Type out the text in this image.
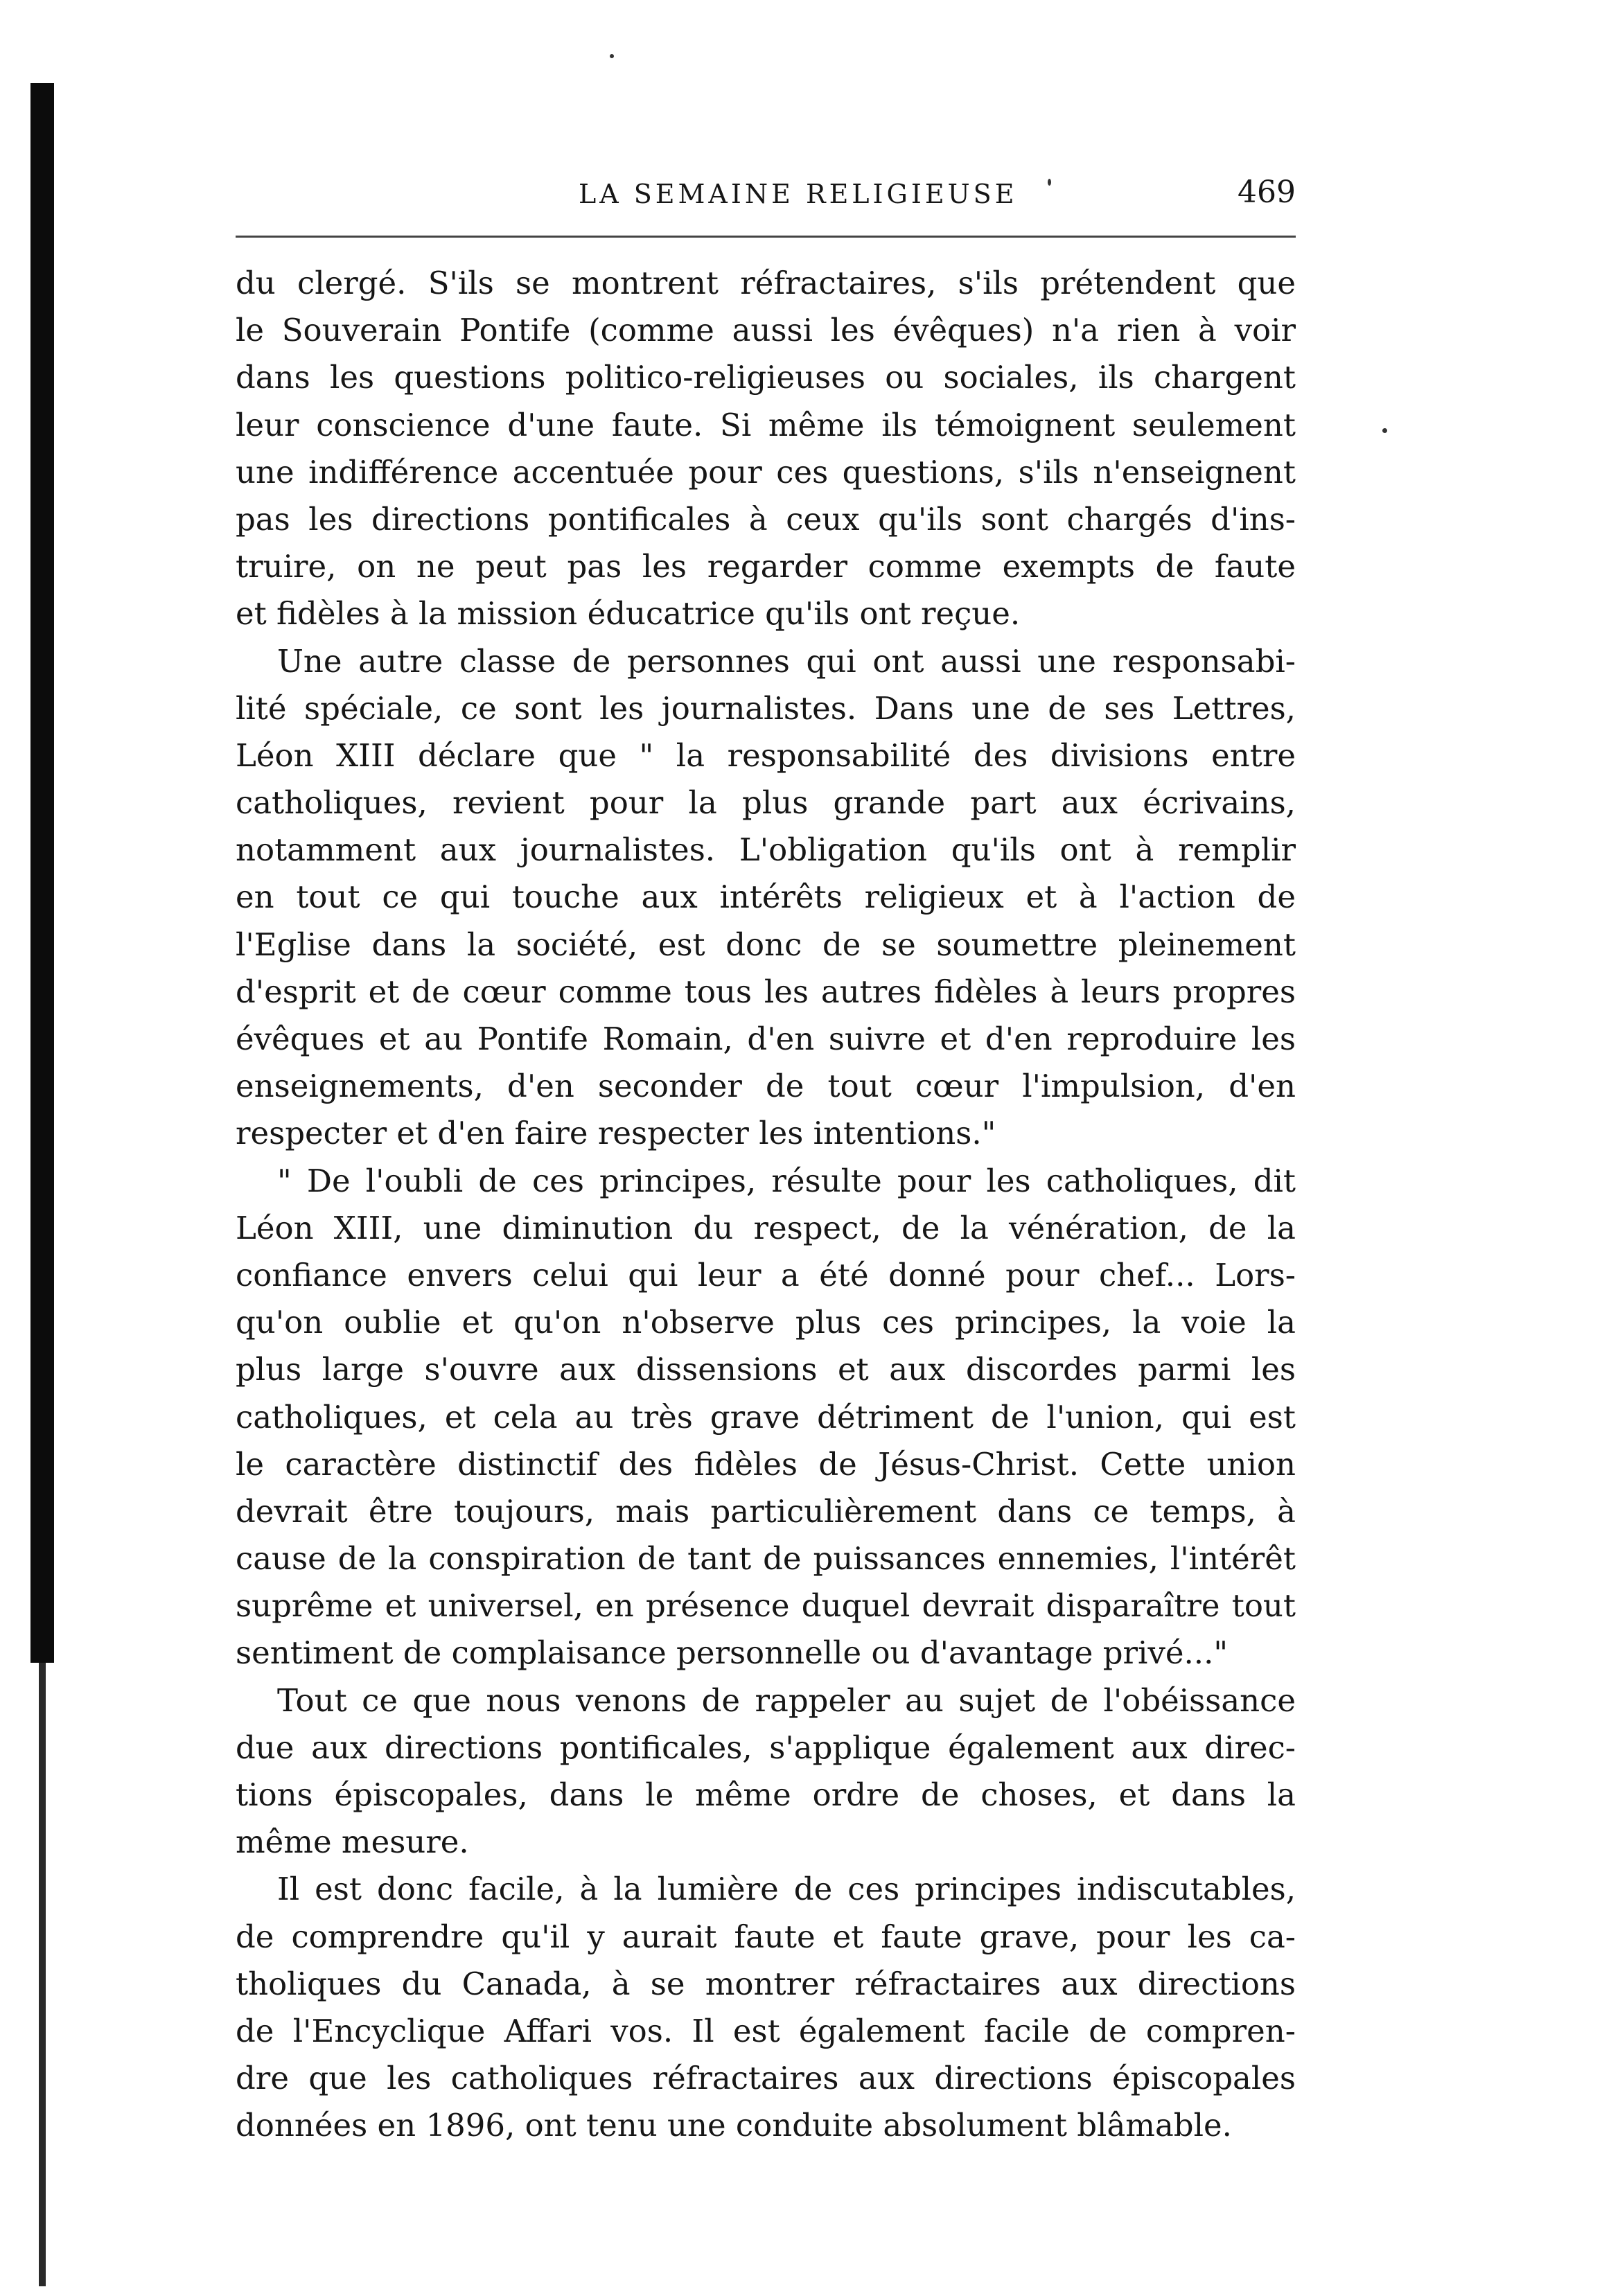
LA SEMAINE RELIGIEUSE	469
du clergé. S'ils se montrent réfractaires, s'ils prétendent que
le Souverain Pontife (comme aussi les évêques) n'a rien à voir
dans les questions politico-religieuses ou sociales, ils chargent
leur conscience d'une faute. Si même ils témoignent seulement
une indifférence accentuée pour ces questions, s'ils n'enseignent
pas les directions pontificales à ceux qu'ils sont chargés d'ins-
truire, on ne peut pas les regarder comme exempts de faute
et fidèles à la mission éducatrice qu'ils ont reçue.
Une autre classe de personnes qui ont aussi une responsabi-
lité spéciale, ce sont les journalistes. Dans une de ses Lettres,
Léon XIII déclare que " la responsabilité des divisions entre
catholiques, revient pour la plus grande part aux écrivains,
notamment aux journalistes. L'obligation qu'ils ont à remplir
en tout ce qui touche aux intérêts religieux et à l'action de
l'Eglise dans la société, est donc de se soumettre pleinement
d'esprit et de cœur comme tous les autres fidèles à leurs propres
évêques et au Pontife Romain, d'en suivre et d'en reproduire les
enseignements, d'en seconder de tout cœur l'impulsion, d'en
respecter et d'en faire respecter les intentions."
" De l'oubli de ces principes, résulte pour les catholiques, dit
Léon XIII, une diminution du respect, de la vénération, de la
confiance envers celui qui leur a été donné pour chef... Lors-
qu'on oublie et qu'on n'observe plus ces principes, la voie la
plus large s'ouvre aux dissensions et aux discordes parmi les
catholiques, et cela au très grave détriment de l'union, qui est
le caractère distinctif des fidèles de Jésus-Christ. Cette union
devrait être toujours, mais particulièrement dans ce temps, à
cause de la conspiration de tant de puissances ennemies, l'intérêt
suprême et universel, en présence duquel devrait disparaître tout
sentiment de complaisance personnelle ou d'avantage privé..."
Tout ce que nous venons de rappeler au sujet de l'obéissance
due aux directions pontificales, s'applique également aux direc-
tions épiscopales, dans le même ordre de choses, et dans la
même mesure.
Il est donc facile, à la lumière de ces principes indiscutables,
de comprendre qu'il y aurait faute et faute grave, pour les ca-
tholiques du Canada, à se montrer réfractaires aux directions
de l'Encyclique Affari vos. Il est également facile de compren-
dre que les catholiques réfractaires aux directions épiscopales
données en 1896, ont tenu une conduite absolument blâmable.
